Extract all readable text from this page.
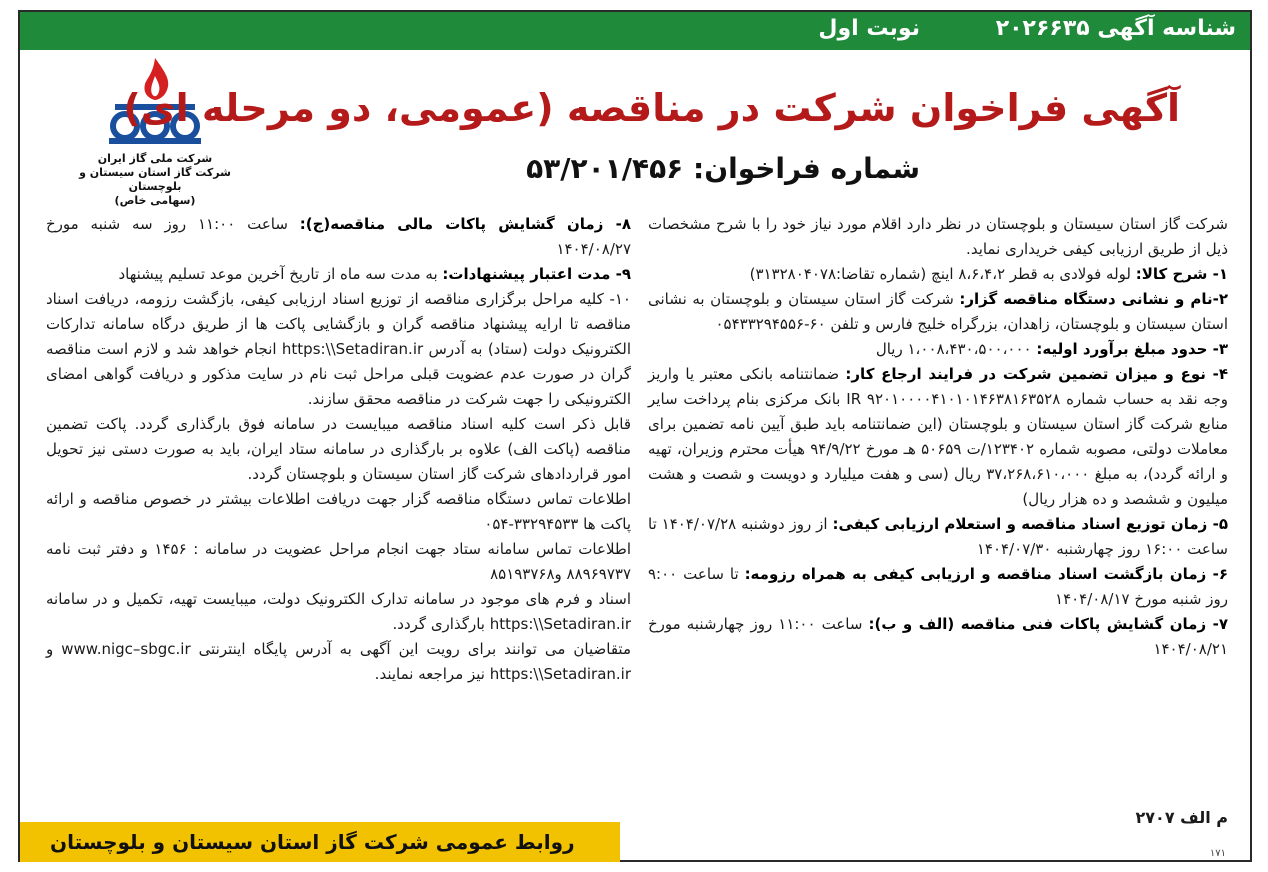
شناسه آگهی ۲۰۲۶۶۳۵
نوبت اول
شرکت ملی گاز ایران
شرکت گاز استان سیستان و بلوچستان
(سهامی خاص)
آگهی فراخوان شرکت در مناقصه (عمومی، دو مرحله ای)
شماره فراخوان: ۵۳/۲۰۱/۴۵۶

شرکت گاز استان سیستان و بلوچستان در نظر دارد اقلام مورد نیاز خود را با شرح مشخصات ذیل از طریق ارزیابی کیفی خریداری نماید.

۱- شرح کالا: لوله فولادی به قطر ۸،۶،۴،۲ اینچ (شماره تقاضا:۳۱۳۲۸۰۴۰۷۸)

۲-نام و نشانی دستگاه مناقصه گزار: شرکت گاز استان سیستان و بلوچستان به نشانی استان سیستان و بلوچستان، زاهدان، بزرگراه خلیج فارس و تلفن ۶۰-۰۵۴۳۳۲۹۴۵۵۶

۳- حدود مبلغ برآورد اولیه: ۱،۰۰۸،۴۳۰،۵۰۰،۰۰۰ ریال

۴- نوع و میزان تضمین شرکت در فرایند ارجاع کار: ضمانتنامه بانکی معتبر یا واریز وجه نقد به حساب شماره IR ۹۲۰۱۰۰۰۰۴۱۰۱۰۱۴۶۳۸۱۶۳۵۲۸ بانک مرکزی بنام پرداخت سایر منابع شرکت گاز استان سیستان و بلوچستان (این ضمانتنامه باید طبق آیین نامه تضمین برای معاملات دولتی، مصوبه شماره ۱۲۳۴۰۲/ت ۵۰۶۵۹ هـ مورخ ۹۴/۹/۲۲ هیأت محترم وزیران، تهیه و ارائه گردد)، به مبلغ ۳۷،۲۶۸،۶۱۰،۰۰۰ ریال (سی و هفت میلیارد و دویست و شصت و هشت میلیون و ششصد و ده هزار ریال)

۵- زمان توزیع اسناد مناقصه و استعلام ارزیابی کیفی: از روز دوشنبه ۱۴۰۴/۰۷/۲۸ تا ساعت ۱۶:۰۰ روز چهارشنبه ۱۴۰۴/۰۷/۳۰

۶- زمان بازگشت اسناد مناقصه و ارزیابی کیفی به همراه رزومه: تا ساعت ۹:۰۰ روز شنبه مورخ ۱۴۰۴/۰۸/۱۷

۷- زمان گشایش پاکات فنی مناقصه (الف و ب): ساعت ۱۱:۰۰ روز چهارشنبه مورخ ۱۴۰۴/۰۸/۲۱

۸- زمان گشایش پاکات مالی مناقصه(ج): ساعت ۱۱:۰۰ روز سه شنبه مورخ ۱۴۰۴/۰۸/۲۷

۹- مدت اعتبار پیشنهادات: به مدت سه ماه از تاریخ آخرین موعد تسلیم پیشنهاد

۱۰- کلیه مراحل برگزاری مناقصه از توزیع اسناد ارزیابی کیفی، بازگشت رزومه، دریافت اسناد مناقصه تا ارایه پیشنهاد مناقصه گران و بازگشایی پاکت ها از طریق درگاه سامانه تدارکات الکترونیک دولت (ستاد) به آدرس https:\\Setadiran.ir انجام خواهد شد و لازم است مناقصه گران در صورت عدم عضویت قبلی مراحل ثبت نام در سایت مذکور و دریافت گواهی امضای الکترونیکی را جهت شرکت در مناقصه محقق سازند.

قابل ذکر است کلیه اسناد مناقصه میبایست در سامانه فوق بارگذاری گردد. پاکت تضمین مناقصه (پاکت الف) علاوه بر بارگذاری در سامانه ستاد ایران، باید به صورت دستی نیز تحویل امور قراردادهای شرکت گاز استان سیستان و بلوچستان گردد.

اطلاعات تماس دستگاه مناقصه گزار جهت دریافت اطلاعات بیشتر در خصوص مناقصه و ارائه پاکت ها ۳۳۲۹۴۵۳۳-۰۵۴

اطلاعات تماس سامانه ستاد جهت انجام مراحل عضویت در سامانه : ۱۴۵۶ و دفتر ثبت نامه ۸۸۹۶۹۷۳۷ و۸۵۱۹۳۷۶۸

اسناد و فرم های موجود در سامانه تدارک الکترونیک دولت، میبایست تهیه، تکمیل و در سامانه https:\\Setadiran.ir بارگذاری گردد.

متقاضیان می توانند برای رویت این آگهی به آدرس پایگاه اینترنتی www.nigc–sbgc.ir و https:\\Setadiran.ir نیز مراجعه نمایند.

م الف ۲۷۰۷
روابط عمومی شرکت گاز استان سیستان و بلوچستان	۱۷۱
